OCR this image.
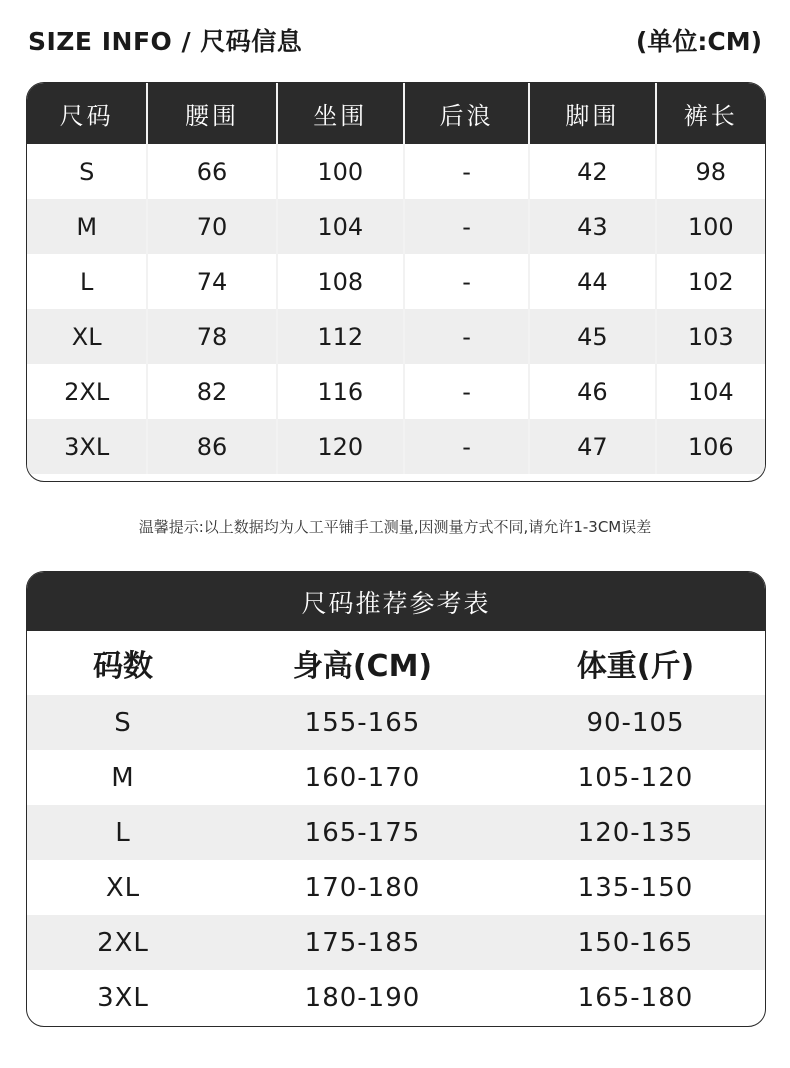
SIZE INFO / 尺码信息	(单位:CM)
尺码	腰围	坐围	后浪	脚围	裤长
S	66	100	-	42	98
M	70	104	-	43	100
L	74	108	-	44	102
XL	78	112	-	45	103
2XL	82	116	-	46	104
3XL	86	120	-	47	106
温馨提示:以上数据均为人工平铺手工测量,因测量方式不同,请允许1-3CM误差
尺码推荐参考表
码数	身高(CM)	体重(斤)
S	155-165	90-105
M	160-170	105-120
L	165-175	120-135
XL	170-180	135-150
2XL	175-185	150-165
3XL	180-190	165-180
